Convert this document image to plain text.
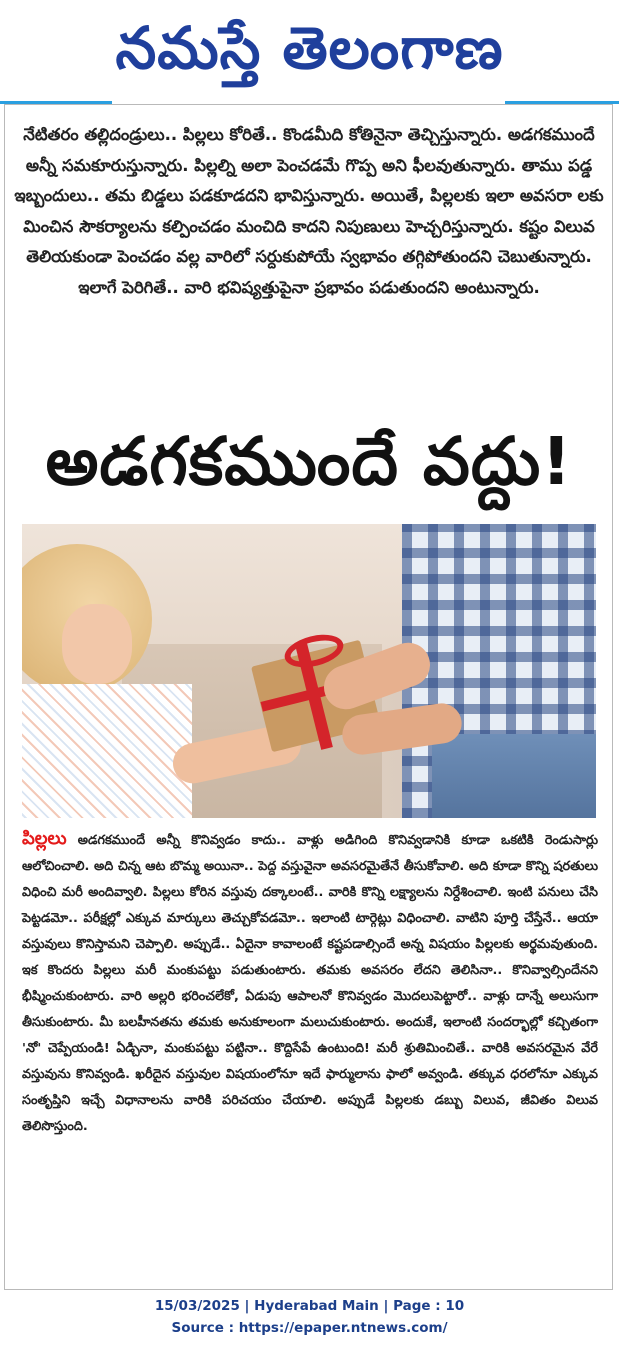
నమస్తే తెలంగాణ
నేటితరం తల్లిదండ్రులు.. పిల్లలు కోరితే.. కొండమీది కోతినైనా తెచ్చిస్తున్నారు. అడగకముందే అన్నీ సమకూరుస్తున్నారు. పిల్లల్ని అలా పెంచడమే గొప్ప అని ఫీలవుతున్నారు. తాము పడ్డ ఇబ్బందులు.. తమ బిడ్డలు పడకూడదని భావిస్తున్నారు. అయితే, పిల్లలకు ఇలా అవసరా లకు మించిన సౌకర్యాలను కల్పించడం మంచిది కాదని నిపుణులు హెచ్చరిస్తున్నారు. కష్టం విలువ తెలియకుండా పెంచడం వల్ల వారిలో సర్దుకుపోయే స్వభావం తగ్గిపోతుందని చెబుతున్నారు. ఇలాగే పెరిగితే.. వారి భవిష్యత్తుపైనా ప్రభావం పడుతుందని అంటున్నారు.
అడగకముందే వద్దు!
పిల్లలు అడగకముందే అన్నీ కొనివ్వడం కాదు.. వాళ్లు అడిగింది కొనివ్వడానికి కూడా ఒకటికి రెండుసార్లు ఆలోచించాలి. అది చిన్న ఆట బొమ్మ అయినా.. పెద్ద వస్తువైనా అవసరమైతేనే తీసుకోవాలి. అది కూడా కొన్ని షరతులు విధించి మరీ అందివ్వాలి. పిల్లలు కోరిన వస్తువు దక్కాలంటే.. వారికి కొన్ని లక్ష్యాలను నిర్దేశించాలి. ఇంటి పనులు చేసి పెట్టడమో.. పరీక్షల్లో ఎక్కువ మార్కులు తెచ్చుకోవడమో.. ఇలాంటి టార్గెట్లు విధించాలి. వాటిని పూర్తి చేస్తేనే.. ఆయా వస్తువులు కొనిస్తామని చెప్పాలి. అప్పుడే.. ఏదైనా కావాలంటే కష్టపడాల్సిందే అన్న విషయం పిల్లలకు అర్థమవుతుంది. ఇక కొందరు పిల్లలు మరీ మంకుపట్టు పడుతుంటారు. తమకు అవసరం లేదని తెలిసినా.. కొనివ్వాల్సిందేనని భీష్మించుకుంటారు. వారి అల్లరి భరించలేకో, ఏడుపు ఆపాలనో కొనివ్వడం మొదలుపెట్టారో.. వాళ్లు దాన్నే అలుసుగా తీసుకుంటారు. మీ బలహీనతను తమకు అనుకూలంగా మలుచుకుంటారు. అందుకే, ఇలాంటి సందర్భాల్లో కచ్చితంగా 'నో' చెప్పేయండి! ఏడ్చినా, మంకుపట్టు పట్టినా.. కొద్దిసేపే ఉంటుంది! మరీ శ్రుతిమించితే.. వారికి అవసరమైన వేరే వస్తువును కొనివ్వండి. ఖరీదైన వస్తువుల విషయంలోనూ ఇదే ఫార్ములాను ఫాలో అవ్వండి. తక్కువ ధరలోనూ ఎక్కువ సంతృప్తిని ఇచ్చే విధానాలను వారికి పరిచయం చేయాలి. అప్పుడే పిల్లలకు డబ్బు విలువ, జీవితం విలువ తెలిసొస్తుంది.
15/03/2025 | Hyderabad Main | Page : 10
Source : https://epaper.ntnews.com/
